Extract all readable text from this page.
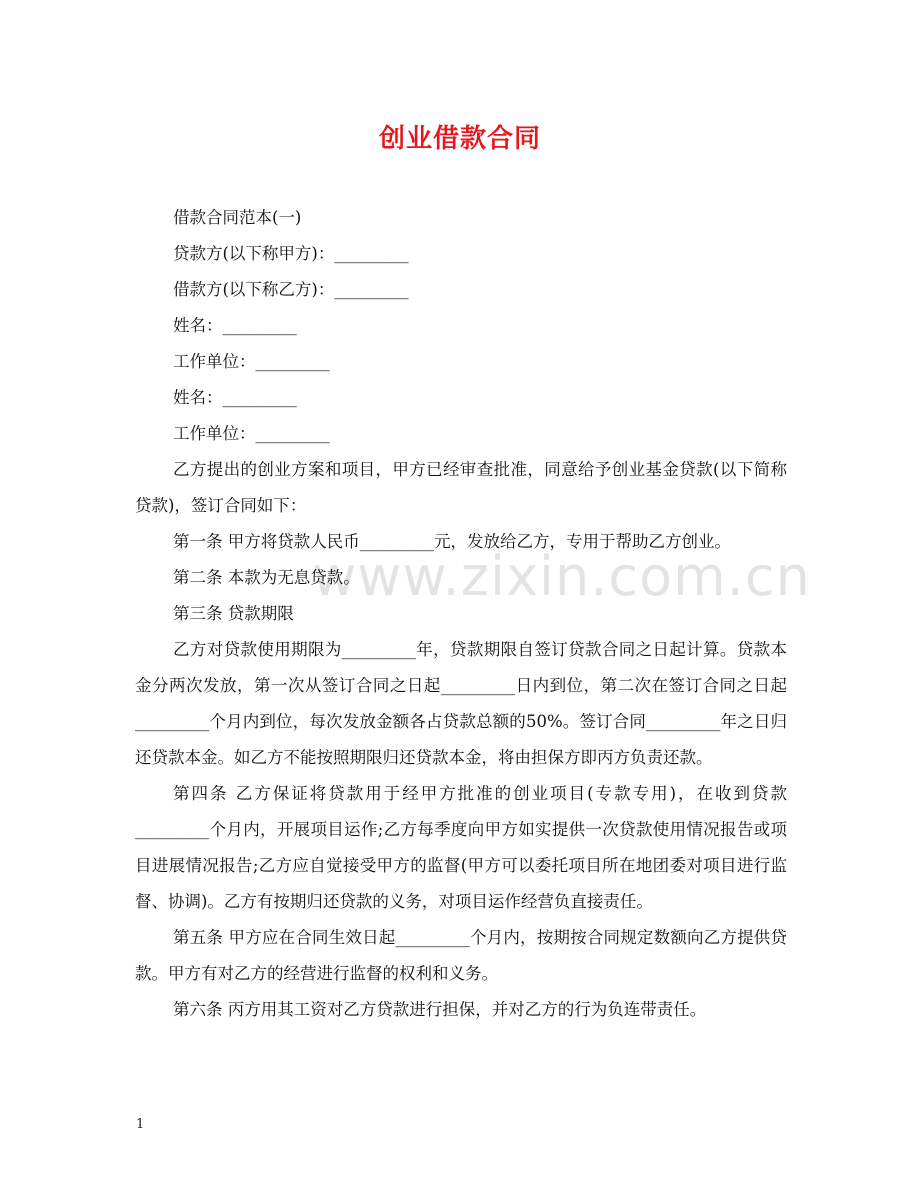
创业借款合同

借款合同范本(一)

贷款方(以下称甲方)：_________

借款方(以下称乙方)：_________

姓名：_________

工作单位：_________

姓名：_________

工作单位：_________

乙方提出的创业方案和项目，甲方已经审查批准，同意给予创业基金贷款(以下简称贷款)，签订合同如下：

第一条 甲方将贷款人民币_________元，发放给乙方，专用于帮助乙方创业。

第二条 本款为无息贷款。

第三条 贷款期限

乙方对贷款使用期限为_________年，贷款期限自签订贷款合同之日起计算。贷款本金分两次发放，第一次从签订合同之日起_________日内到位，第二次在签订合同之日起_________个月内到位，每次发放金额各占贷款总额的50%。签订合同_________年之日归还贷款本金。如乙方不能按照期限归还贷款本金，将由担保方即丙方负责还款。

第四条 乙方保证将贷款用于经甲方批准的创业项目(专款专用)，在收到贷款_________个月内，开展项目运作;乙方每季度向甲方如实提供一次贷款使用情况报告或项目进展情况报告;乙方应自觉接受甲方的监督(甲方可以委托项目所在地团委对项目进行监督、协调)。乙方有按期归还贷款的义务，对项目运作经营负直接责任。

第五条 甲方应在合同生效日起_________个月内，按期按合同规定数额向乙方提供贷款。甲方有对乙方的经营进行监督的权利和义务。

第六条 丙方用其工资对乙方贷款进行担保，并对乙方的行为负连带责任。

www.zixin.com.cn
1
